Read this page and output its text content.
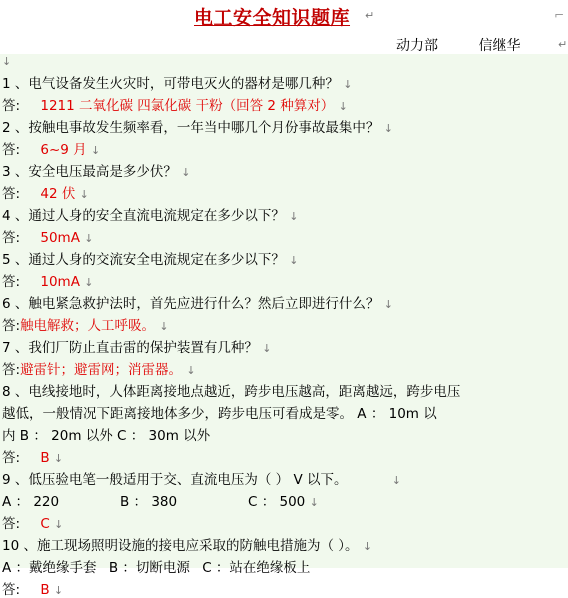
电工安全知识题库 ↵	⌐
动力部	信继华	↵
↓
1 、电气设备发生火灾时，可带电灭火的器材是哪几种？ ↓
答: 1211 二氧化碳 四氯化碳 干粉（回答 2 种算对） ↓
2 、按触电事故发生频率看，一年当中哪几个月份事故最集中？ ↓
答: 6~9 月 ↓
3 、安全电压最高是多少伏？ ↓
答: 42 伏 ↓
4 、通过人身的安全直流电流规定在多少以下？ ↓
答: 50mA ↓
5 、通过人身的交流安全电流规定在多少以下？ ↓
答: 10mA ↓
6 、触电紧急救护法时，首先应进行什么？然后立即进行什么？ ↓
答:触电解救；人工呼吸。 ↓
7 、我们厂防止直击雷的保护装置有几种？ ↓
答:避雷针；避雷网；消雷器。 ↓
8 、电线接地时，人体距离接地点越近，跨步电压越高，距离越远，跨步电压
越低，一般情况下距离接地体多少，跨步电压可看成是零。 A ： 10m 以
内 B ： 20m 以外 C ： 30m 以外
答: B ↓
9 、低压验电笔一般适用于交、直流电压为（ ） V 以下。	↓
A ： 220	B ： 380	C ： 500 ↓
答: C ↓
10 、施工现场照明设施的接电应采取的防触电措施为（ ）。 ↓
A ：戴绝缘手套 B ：切断电源 C ：站在绝缘板上
答: B ↓
